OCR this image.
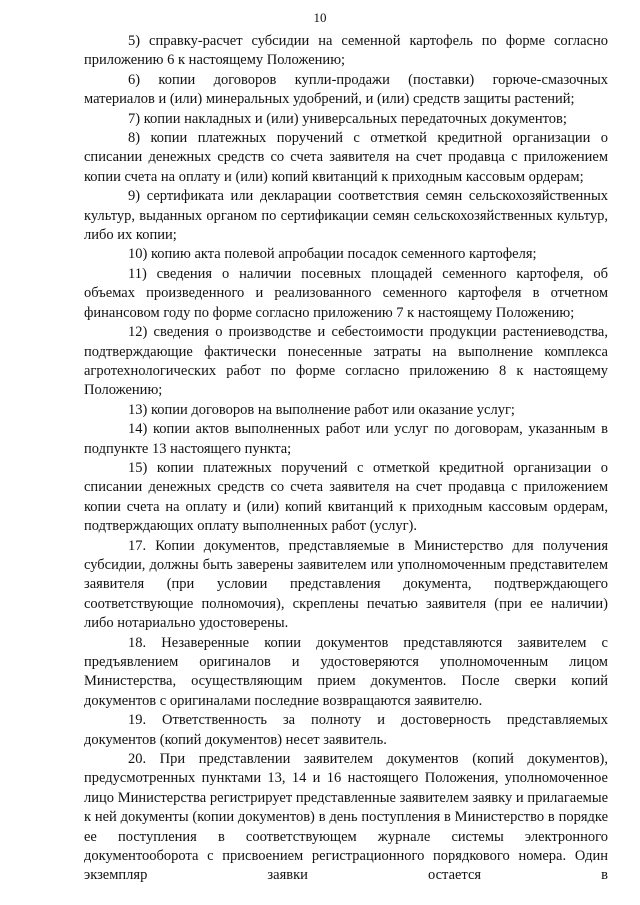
10

5) справку-расчет субсидии на семенной картофель по форме согласно приложению 6 к настоящему Положению;

6) копии договоров купли-продажи (поставки) горюче-смазочных материалов и (или) минеральных удобрений, и (или) средств защиты растений;

7) копии накладных и (или) универсальных передаточных документов;

8) копии платежных поручений с отметкой кредитной организации о списании денежных средств со счета заявителя на счет продавца с приложением копии счета на оплату и (или) копий квитанций к приходным кассовым ордерам;

9) сертификата или декларации соответствия семян сельскохозяйственных культур, выданных органом по сертификации семян сельскохозяйственных культур, либо их копии;

10) копию акта полевой апробации посадок семенного картофеля;

11) сведения о наличии посевных площадей семенного картофеля, об объемах произведенного и реализованного семенного картофеля в отчетном финансовом году по форме согласно приложению 7 к настоящему Положению;

12) сведения о производстве и себестоимости продукции растениеводства, подтверждающие фактически понесенные затраты на выполнение комплекса агротехнологических работ по форме согласно приложению 8 к настоящему Положению;

13) копии договоров на выполнение работ или оказание услуг;

14) копии актов выполненных работ или услуг по договорам, указанным в подпункте 13 настоящего пункта;

15) копии платежных поручений с отметкой кредитной организации о списании денежных средств со счета заявителя на счет продавца с приложением копии счета на оплату и (или) копий квитанций к приходным кассовым ордерам, подтверждающих оплату выполненных работ (услуг).

17. Копии документов, представляемые в Министерство для получения субсидии, должны быть заверены заявителем или уполномоченным представителем заявителя (при условии представления документа, подтверждающего соответствующие полномочия), скреплены печатью заявителя (при ее наличии) либо нотариально удостоверены.

18. Незаверенные копии документов представляются заявителем с предъявлением оригиналов и удостоверяются уполномоченным лицом Министерства, осуществляющим прием документов. После сверки копий документов с оригиналами последние возвращаются заявителю.

19. Ответственность за полноту и достоверность представляемых документов (копий документов) несет заявитель.

20. При представлении заявителем документов (копий документов), предусмотренных пунктами 13, 14 и 16 настоящего Положения, уполномоченное лицо Министерства регистрирует представленные заявителем заявку и прилагаемые к ней документы (копии документов) в день поступления в Министерство в порядке ее поступления в соответствующем журнале системы электронного документооборота с присвоением регистрационного порядкового номера. Один экземпляр заявки остается в
